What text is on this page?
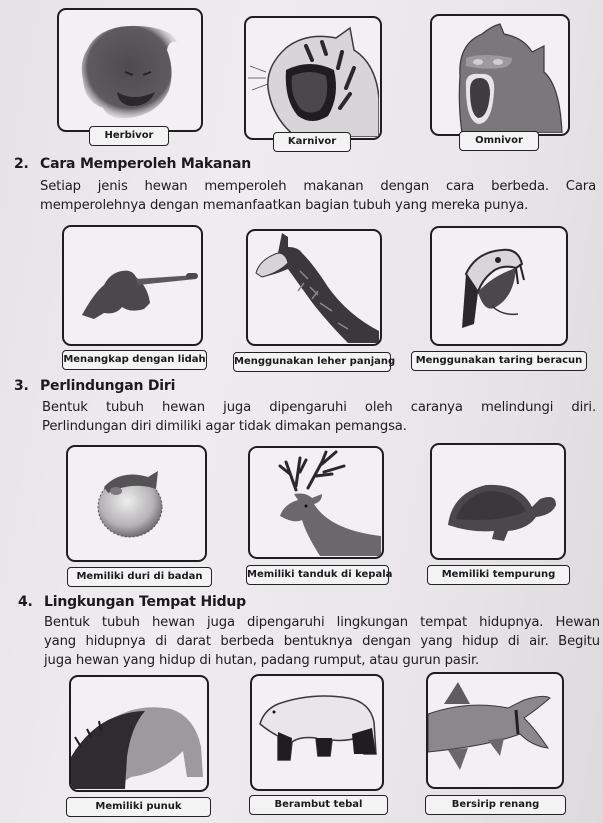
Herbivor
Karnivor	Omnivor
2. Cara Memperoleh Makanan
Setiap jenis hewan memperoleh makanan dengan cara berbeda. Cara
memperolehnya dengan memanfaatkan bagian tubuh yang mereka punya.
Menangkap dengan lidah	Menggunakan leher panjang	Menggunakan taring beracun
3. Perlindungan Diri
Bentuk tubuh hewan juga dipengaruhi oleh caranya melindungi diri.
Perlindungan diri dimiliki agar tidak dimakan pemangsa.
Memiliki duri di badan	Memiliki tanduk di kepala	Memiliki tempurung
4. Lingkungan Tempat Hidup
Bentuk tubuh hewan juga dipengaruhi lingkungan tempat hidupnya. Hewan
yang hidupnya di darat berbeda bentuknya dengan yang hidup di air. Begitu
juga hewan yang hidup di hutan, padang rumput, atau gurun pasir.
Memiliki punuk	Berambut tebal	Bersirip renang
